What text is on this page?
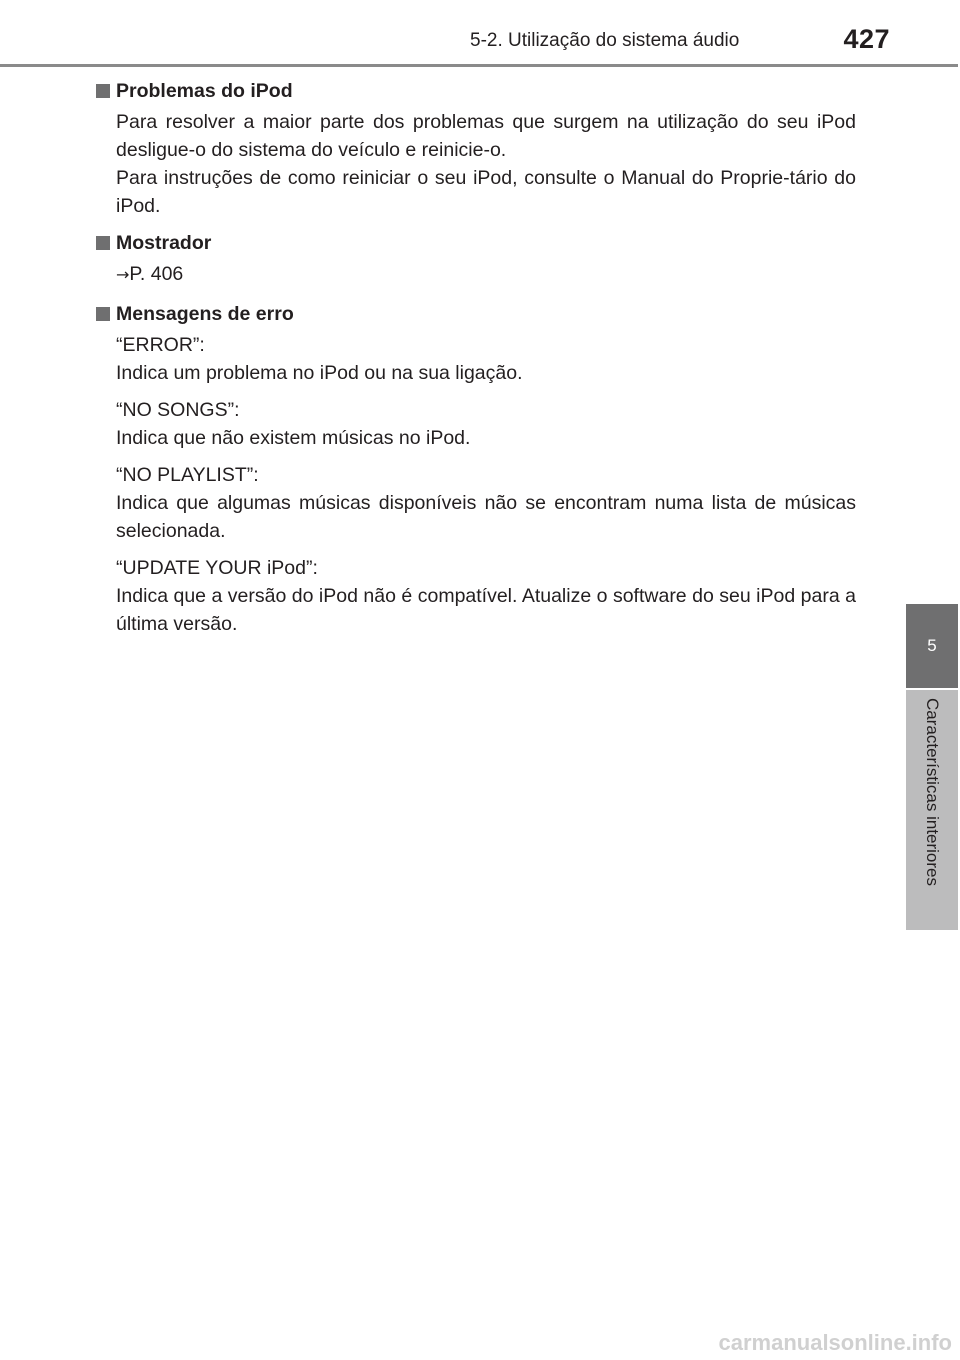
5-2. Utilização do sistema áudio	427
5
Características interiores
Problemas do iPod

Para resolver a maior parte dos problemas que surgem na utilização do seu iPod desligue-o do sistema do veículo e reinicie-o.

Para instruções de como reiniciar o seu iPod, consulte o Manual do Proprie-tário do iPod.

Mostrador
→P. 406
Mensagens de erro

“ERROR”:

Indica um problema no iPod ou na sua ligação.

“NO SONGS”:

Indica que não existem músicas no iPod.

“NO PLAYLIST”:

Indica que algumas músicas disponíveis não se encontram numa lista de músicas selecionada.

“UPDATE YOUR iPod”:

Indica que a versão do iPod não é compatível. Atualize o software do seu iPod para a última versão.

carmanualsonline.info
